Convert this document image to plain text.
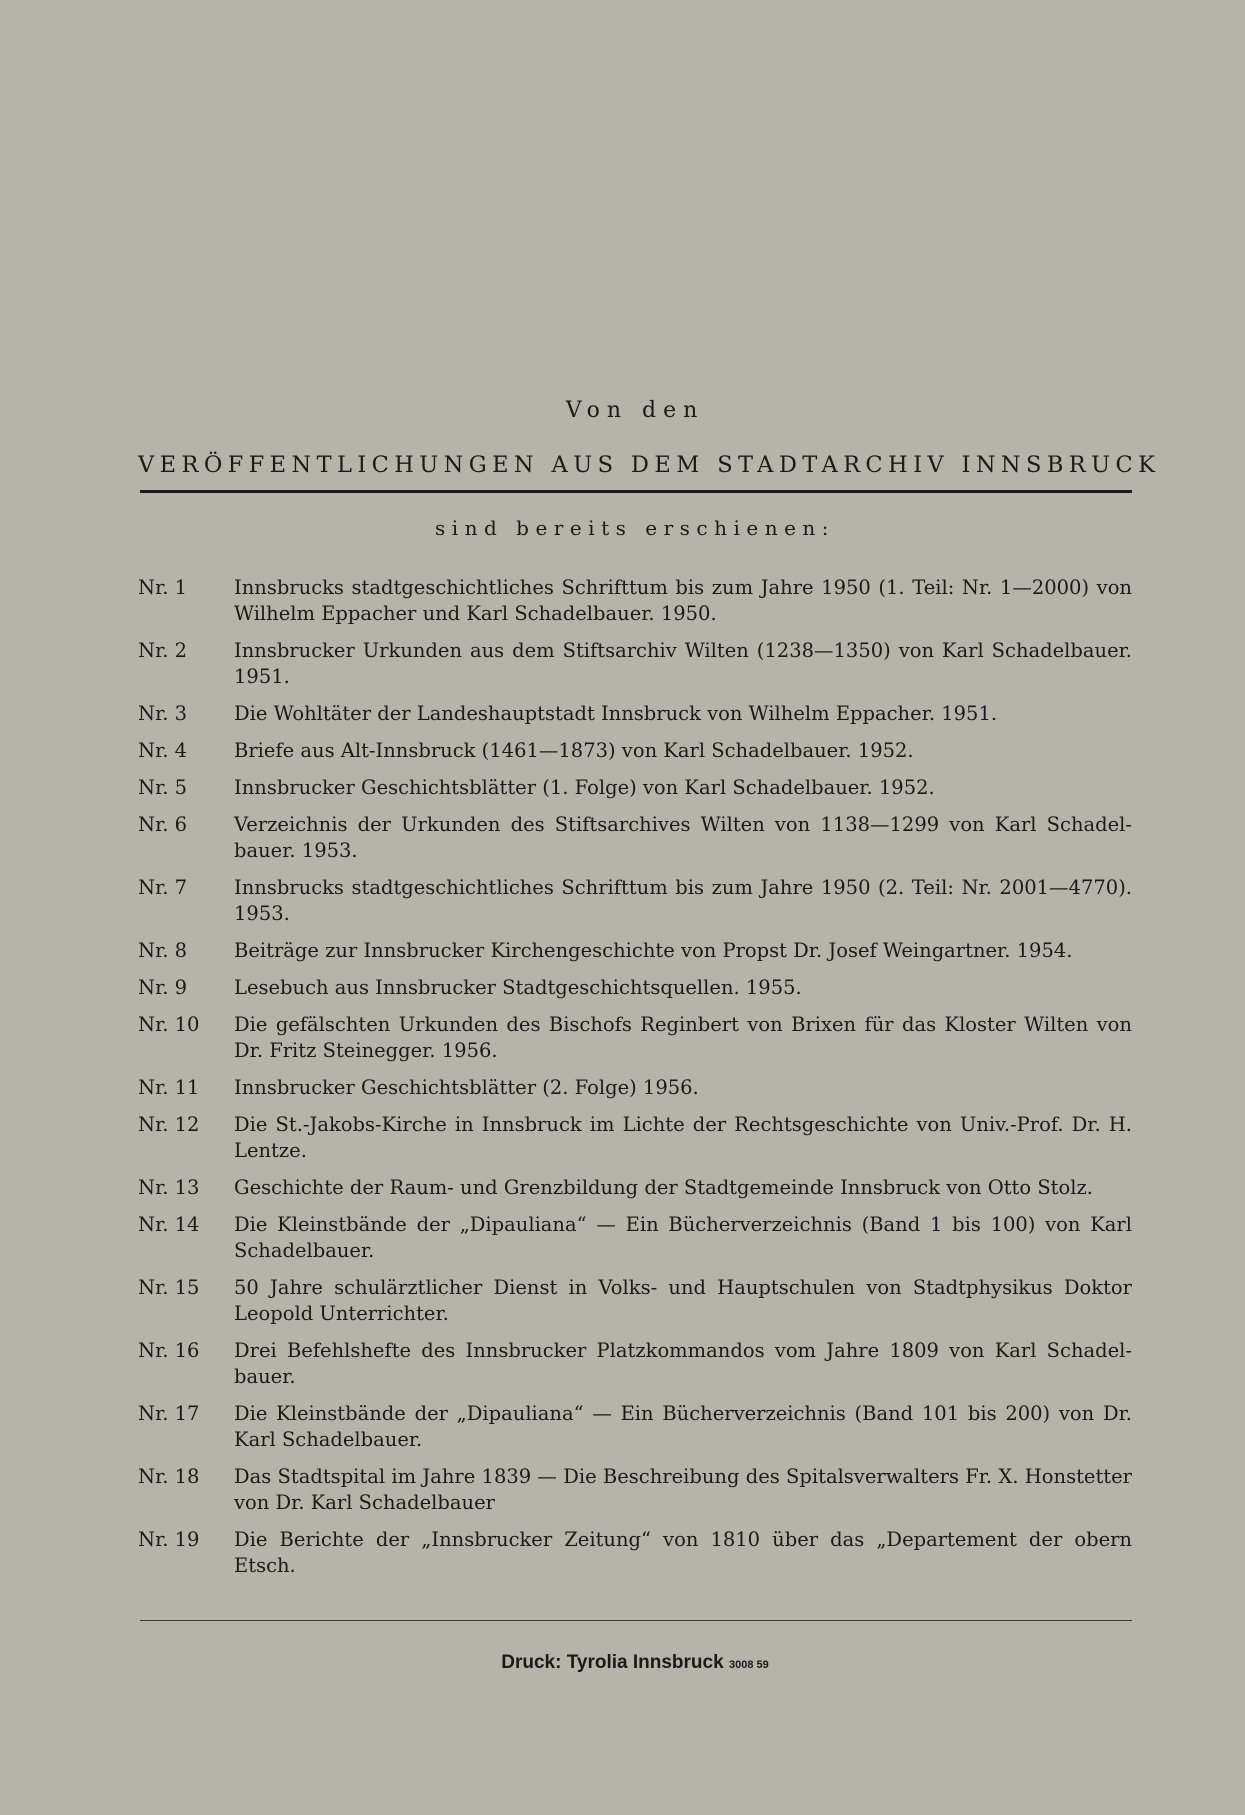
Von den
VERÖFFENTLICHUNGEN AUS DEM STADTARCHIV INNSBRUCK
sind bereits erschienen:
Nr. 1	Innsbrucks stadtgeschichtliches Schrifttum bis zum Jahre 1950 (1. Teil: Nr. 1—2000) von Wilhelm Eppacher und Karl Schadelbauer. 1950.
Nr. 2	Innsbrucker Urkunden aus dem Stiftsarchiv Wilten (1238—1350) von Karl Schadelbauer. 1951.
Nr. 3	Die Wohltäter der Landeshauptstadt Innsbruck von Wilhelm Eppacher. 1951.
Nr. 4	Briefe aus Alt-Innsbruck (1461—1873) von Karl Schadelbauer. 1952.
Nr. 5	Innsbrucker Geschichtsblätter (1. Folge) von Karl Schadelbauer. 1952.
Nr. 6	Verzeichnis der Urkunden des Stiftsarchives Wilten von 1138—1299 von Karl Schadel-bauer. 1953.
Nr. 7	Innsbrucks stadtgeschichtliches Schrifttum bis zum Jahre 1950 (2. Teil: Nr. 2001—4770). 1953.
Nr. 8	Beiträge zur Innsbrucker Kirchengeschichte von Propst Dr. Josef Weingartner. 1954.
Nr. 9	Lesebuch aus Innsbrucker Stadtgeschichtsquellen. 1955.
Nr. 10	Die gefälschten Urkunden des Bischofs Reginbert von Brixen für das Kloster Wilten von Dr. Fritz Steinegger. 1956.
Nr. 11	Innsbrucker Geschichtsblätter (2. Folge) 1956.
Nr. 12	Die St.-Jakobs-Kirche in Innsbruck im Lichte der Rechtsgeschichte von Univ.-Prof. Dr. H. Lentze.
Nr. 13	Geschichte der Raum- und Grenzbildung der Stadtgemeinde Innsbruck von Otto Stolz.
Nr. 14	Die Kleinstbände der „Dipauliana“ — Ein Bücherverzeichnis (Band 1 bis 100) von Karl Schadelbauer.
Nr. 15	50 Jahre schulärztlicher Dienst in Volks- und Hauptschulen von Stadtphysikus Doktor Leopold Unterrichter.
Nr. 16	Drei Befehlshefte des Innsbrucker Platzkommandos vom Jahre 1809 von Karl Schadel-bauer.
Nr. 17	Die Kleinstbände der „Dipauliana“ — Ein Bücherverzeichnis (Band 101 bis 200) von Dr. Karl Schadelbauer.
Nr. 18	Das Stadtspital im Jahre 1839 — Die Beschreibung des Spitalsverwalters Fr. X. Honstetter von Dr. Karl Schadelbauer
Nr. 19	Die Berichte der „Innsbrucker Zeitung“ von 1810 über das „Departement der obern Etsch.
Druck: Tyrolia Innsbruck 3008 59
